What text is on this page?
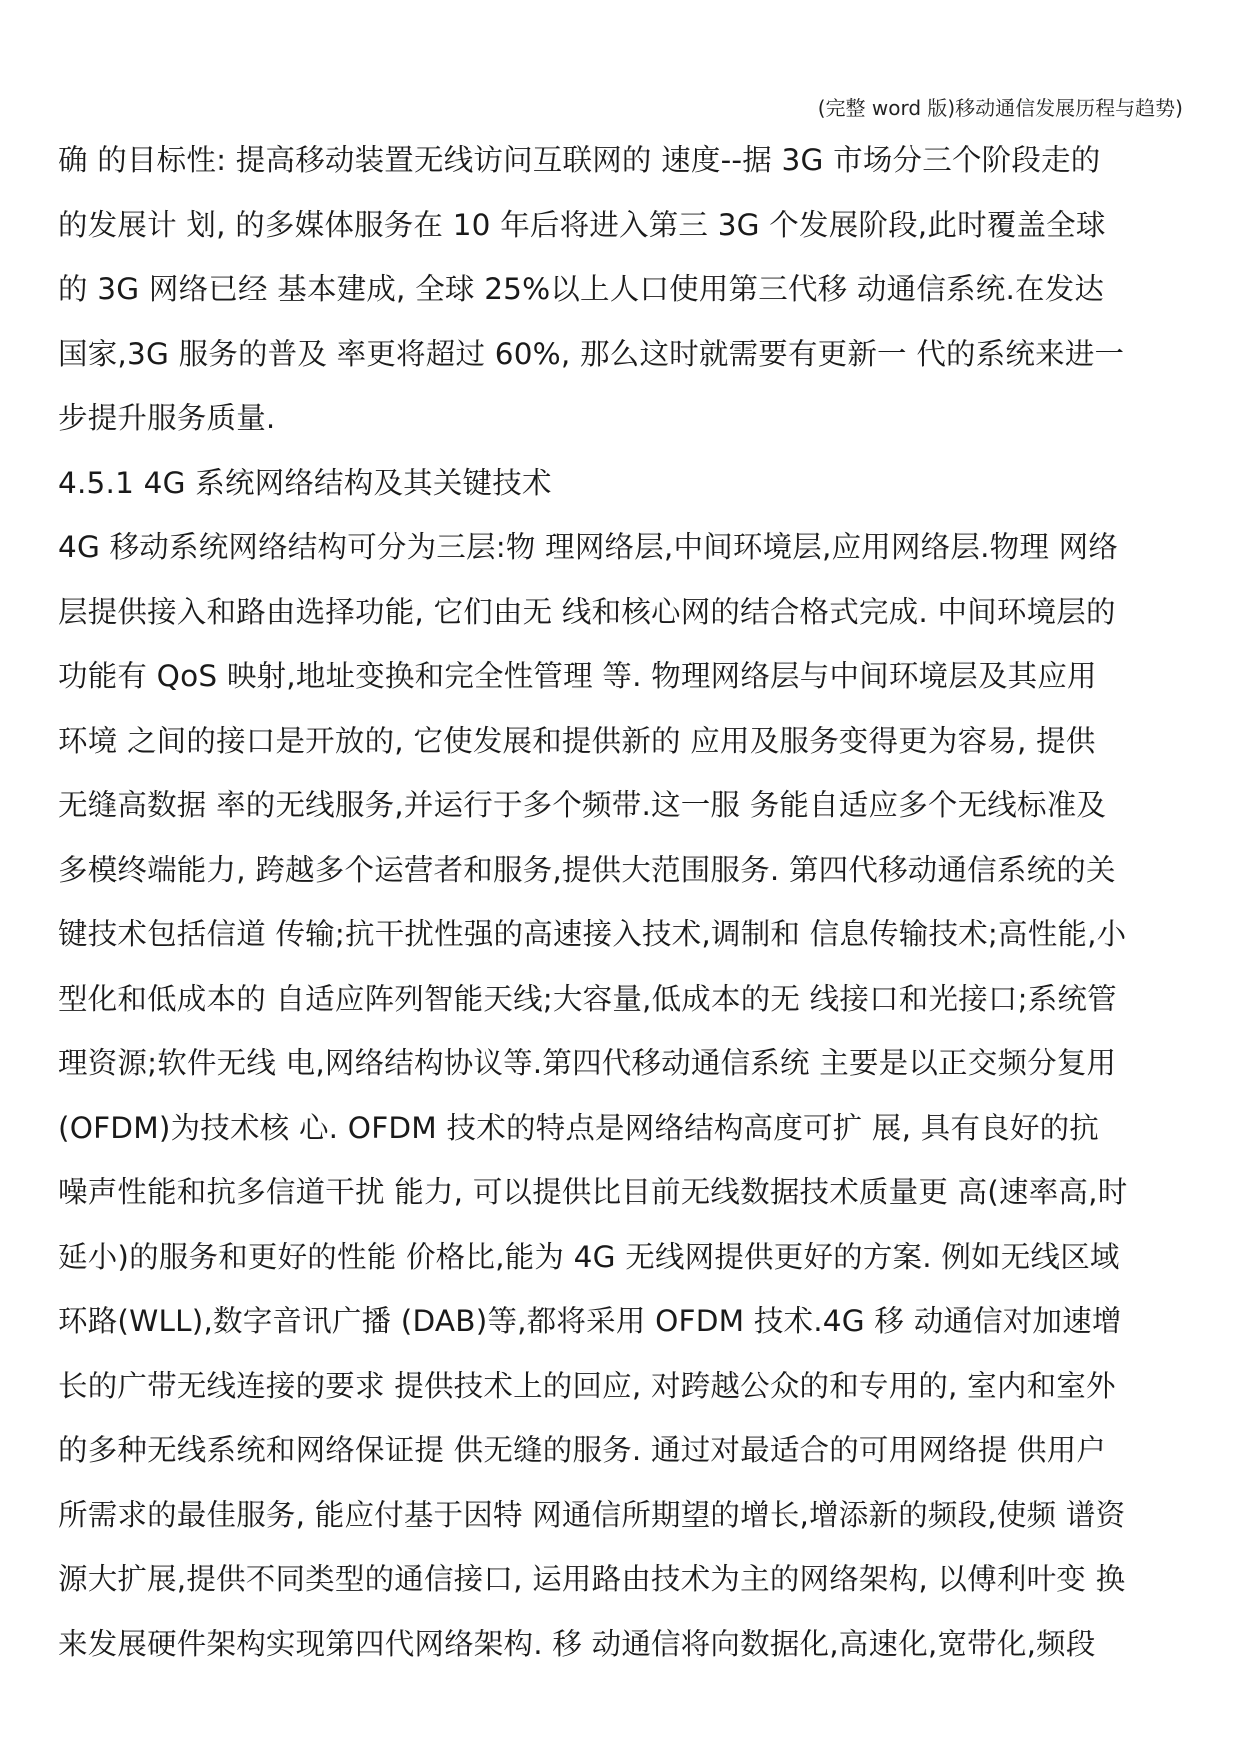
(完整 word 版)移动通信发展历程与趋势)
确 的目标性: 提高移动装置无线访问互联网的 速度--据 3G 市场分三个阶段走的
的发展计 划, 的多媒体服务在 10 年后将进入第三 3G 个发展阶段,此时覆盖全球
的 3G 网络已经 基本建成, 全球 25%以上人口使用第三代移 动通信系统.在发达
国家,3G 服务的普及 率更将超过 60%, 那么这时就需要有更新一 代的系统来进一
步提升服务质量.
4.5.1 4G 系统网络结构及其关键技术
4G 移动系统网络结构可分为三层:物 理网络层,中间环境层,应用网络层.物理 网络
层提供接入和路由选择功能, 它们由无 线和核心网的结合格式完成. 中间环境层的
功能有 QoS 映射,地址变换和完全性管理 等. 物理网络层与中间环境层及其应用
环境 之间的接口是开放的, 它使发展和提供新的 应用及服务变得更为容易, 提供
无缝高数据 率的无线服务,并运行于多个频带.这一服 务能自适应多个无线标准及
多模终端能力, 跨越多个运营者和服务,提供大范围服务. 第四代移动通信系统的关
键技术包括信道 传输;抗干扰性强的高速接入技术,调制和 信息传输技术;高性能,小
型化和低成本的 自适应阵列智能天线;大容量,低成本的无 线接口和光接口;系统管
理资源;软件无线 电,网络结构协议等.第四代移动通信系统 主要是以正交频分复用
(OFDM)为技术核 心. OFDM 技术的特点是网络结构高度可扩 展, 具有良好的抗
噪声性能和抗多信道干扰 能力, 可以提供比目前无线数据技术质量更 高(速率高,时
延小)的服务和更好的性能 价格比,能为 4G 无线网提供更好的方案. 例如无线区域
环路(WLL),数字音讯广播 (DAB)等,都将采用 OFDM 技术.4G 移 动通信对加速增
长的广带无线连接的要求 提供技术上的回应, 对跨越公众的和专用的, 室内和室外
的多种无线系统和网络保证提 供无缝的服务. 通过对最适合的可用网络提 供用户
所需求的最佳服务, 能应付基于因特 网通信所期望的增长,增添新的频段,使频 谱资
源大扩展,提供不同类型的通信接口, 运用路由技术为主的网络架构, 以傅利叶变 换
来发展硬件架构实现第四代网络架构. 移 动通信将向数据化,高速化,宽带化,频段
